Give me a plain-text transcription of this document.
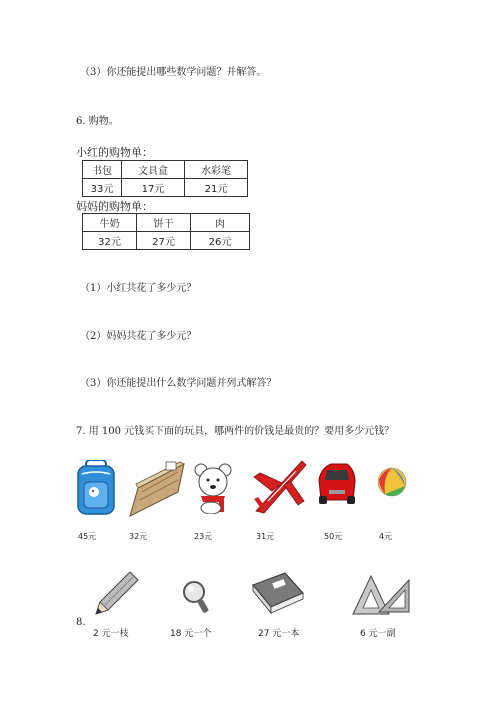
（3）你还能提出哪些数学问题？并解答。
6. 购物。
小红的购物单：
书包	文具盒	水彩笔
33元	17元	21元
妈妈的购物单：
牛奶	饼干	肉
32元	27元	26元
（1）小红共花了多少元？
（2）妈妈共花了多少元？
（3）你还能提出什么数学问题并列式解答？
7. 用 100 元钱买下面的玩具，哪两件的价钱是最贵的？要用多少元钱？
45元	32元	23元	31元	50元	4元
8.
2 元一枝	18 元一个	27 元一本	6 元一副
